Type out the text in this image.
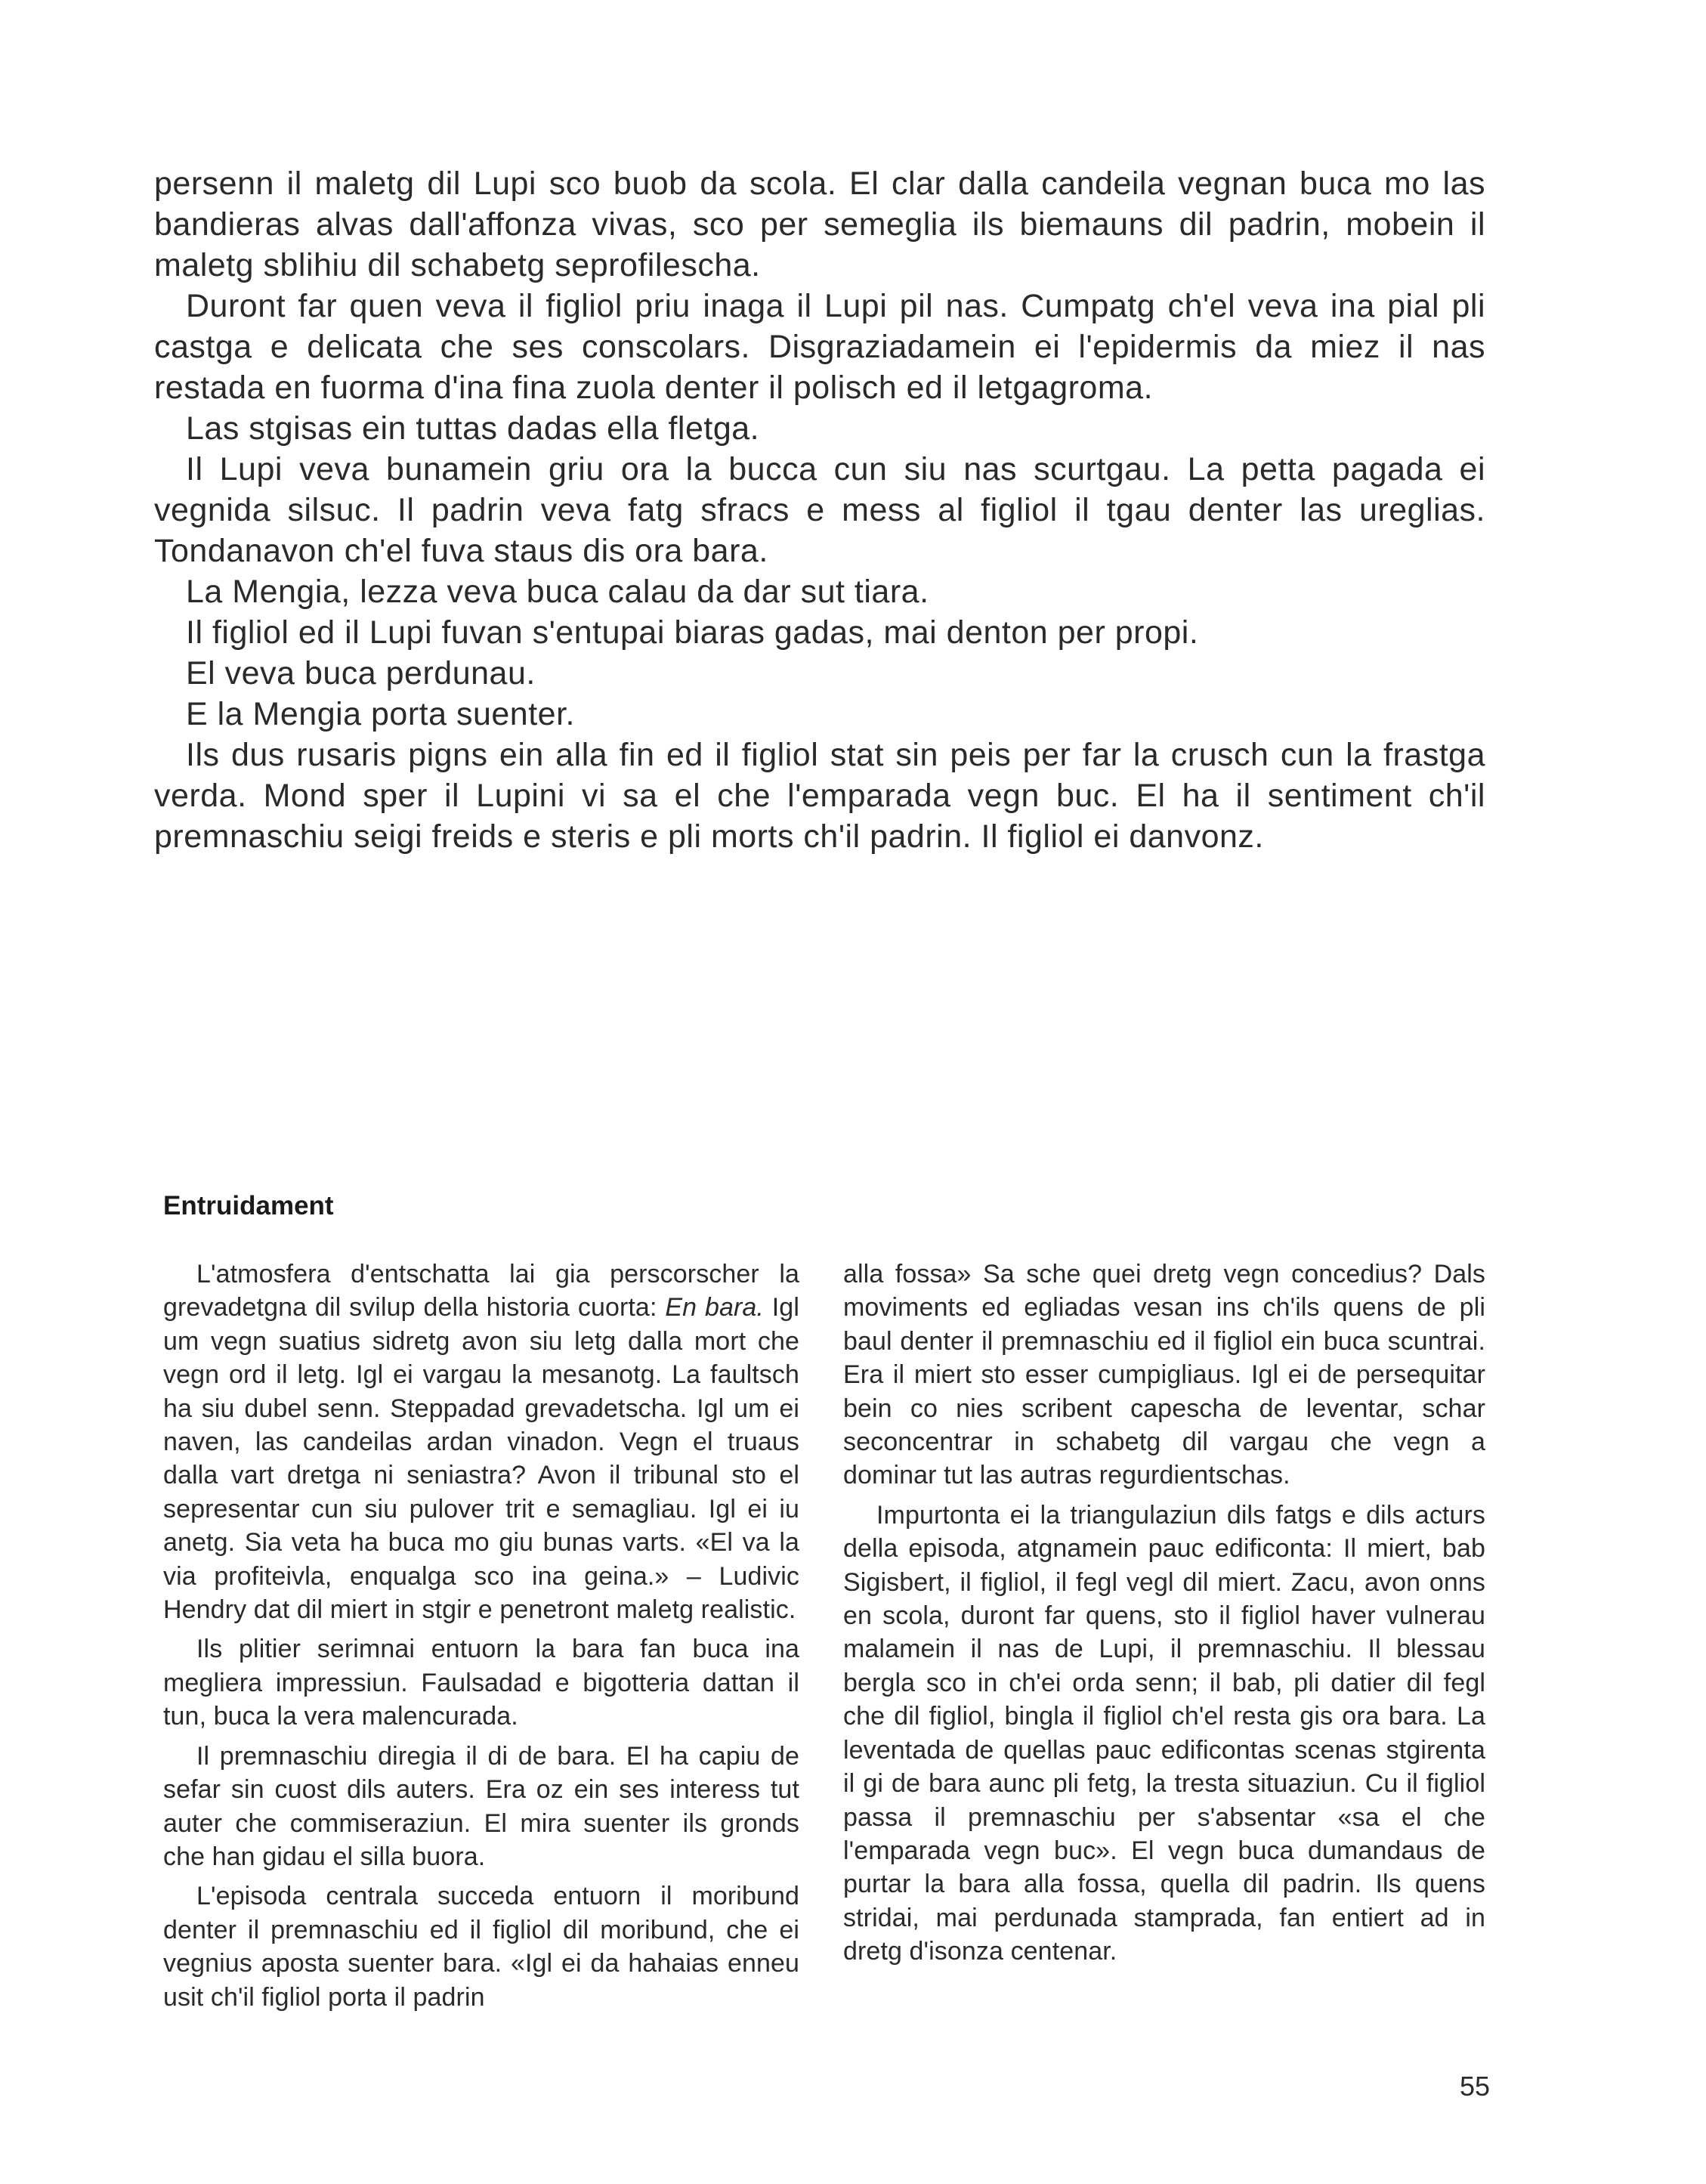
persenn il maletg dil Lupi sco buob da scola. El clar dalla candeila vegnan buca mo las bandieras alvas dall'affonza vivas, sco per semeglia ils biemauns dil padrin, mobein il maletg sblihiu dil schabetg seprofilescha.

Duront far quen veva il figliol priu inaga il Lupi pil nas. Cumpatg ch'el veva ina pial pli castga e delicata che ses conscolars. Disgraziadamein ei l'epidermis da miez il nas restada en fuorma d'ina fina zuola denter il polisch ed il letgagroma.

Las stgisas ein tuttas dadas ella fletga.

Il Lupi veva bunamein griu ora la bucca cun siu nas scurtgau. La petta pagada ei vegnida silsuc. Il padrin veva fatg sfracs e mess al figliol il tgau denter las ureglias. Tondanavon ch'el fuva staus dis ora bara.

La Mengia, lezza veva buca calau da dar sut tiara.

Il figliol ed il Lupi fuvan s'entupai biaras gadas, mai denton per propi.

El veva buca perdunau.

E la Mengia porta suenter.

Ils dus rusaris pigns ein alla fin ed il figliol stat sin peis per far la crusch cun la frastga verda. Mond sper il Lupini vi sa el che l'emparada vegn buc. El ha il sentiment ch'il premnaschiu seigi freids e steris e pli morts ch'il padrin. Il figliol ei danvonz.

Entruidament

L'atmosfera d'entschatta lai gia perscorscher la grevadetgna dil svilup della historia cuorta: En bara. Igl um vegn suatius sidretg avon siu letg dalla mort che vegn ord il letg. Igl ei vargau la mesanotg. La faultsch ha siu dubel senn. Steppadad grevadetscha. Igl um ei naven, las candeilas ardan vinadon. Vegn el truaus dalla vart dretga ni seniastra? Avon il tribunal sto el sepresentar cun siu pulover trit e semagliau. Igl ei iu anetg. Sia veta ha buca mo giu bunas varts. «El va la via profiteivla, enqualga sco ina geina.» – Ludivic Hendry dat dil miert in stgir e penetront maletg realistic.

Ils plitier serimnai entuorn la bara fan buca ina megliera impressiun. Faulsadad e bigotteria dattan il tun, buca la vera malencurada.

Il premnaschiu diregia il di de bara. El ha capiu de sefar sin cuost dils auters. Era oz ein ses interess tut auter che commiseraziun. El mira suenter ils gronds che han gidau el silla buora.

L'episoda centrala succeda entuorn il moribund denter il premnaschiu ed il figliol dil moribund, che ei vegnius aposta suenter bara. «Igl ei da hahaias enneu usit ch'il figliol porta il padrin

alla fossa» Sa sche quei dretg vegn concedius? Dals moviments ed egliadas vesan ins ch'ils quens de pli baul denter il premnaschiu ed il figliol ein buca scuntrai. Era il miert sto esser cumpigliaus. Igl ei de persequitar bein co nies scribent capescha de leventar, schar seconcentrar in schabetg dil vargau che vegn a dominar tut las autras regurdientschas.

Impurtonta ei la triangulaziun dils fatgs e dils acturs della episoda, atgnamein pauc edificonta: Il miert, bab Sigisbert, il figliol, il fegl vegl dil miert. Zacu, avon onns en scola, duront far quens, sto il figliol haver vulnerau malamein il nas de Lupi, il premnaschiu. Il blessau bergla sco in ch'ei orda senn; il bab, pli datier dil fegl che dil figliol, bingla il figliol ch'el resta gis ora bara. La leventada de quellas pauc edificontas scenas stgirenta il gi de bara aunc pli fetg, la tresta situaziun. Cu il figliol passa il premnaschiu per s'absentar «sa el che l'emparada vegn buc». El vegn buca dumandaus de purtar la bara alla fossa, quella dil padrin. Ils quens stridai, mai perdunada stamprada, fan entiert ad in dretg d'isonza centenar.

55
